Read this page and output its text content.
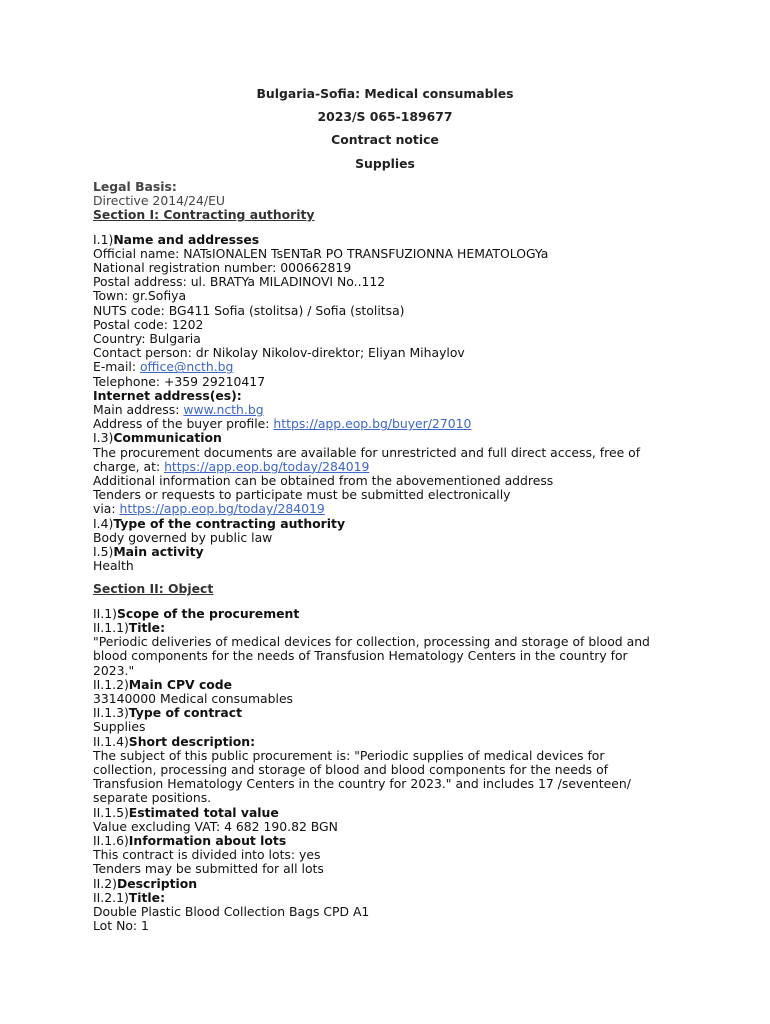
Bulgaria-Sofia: Medical consumables
2023/S 065-189677
Contract notice
Supplies
Legal Basis:
Directive 2014/24/EU
Section I: Contracting authority
I.1)Name and addresses
Official name: NATsIONALEN TsENTaR PO TRANSFUZIONNA HEMATOLOGYa
National registration number: 000662819
Postal address: ul. BRATYa MILADINOVI No..112
Town: gr.Sofiya
NUTS code: BG411 Sofia (stolitsa) / Sofia (stolitsa)
Postal code: 1202
Country: Bulgaria
Contact person: dr Nikolay Nikolov-direktor; Eliyan Mihaylov
E-mail: office@ncth.bg
Telephone: +359 29210417
Internet address(es):
Main address: www.ncth.bg
Address of the buyer profile: https://app.eop.bg/buyer/27010
I.3)Communication
The procurement documents are available for unrestricted and full direct access, free of
charge, at: https://app.eop.bg/today/284019
Additional information can be obtained from the abovementioned address
Tenders or requests to participate must be submitted electronically
via: https://app.eop.bg/today/284019
I.4)Type of the contracting authority
Body governed by public law
I.5)Main activity
Health
Section II: Object
II.1)Scope of the procurement
II.1.1)Title:
"Periodic deliveries of medical devices for collection, processing and storage of blood and
blood components for the needs of Transfusion Hematology Centers in the country for
2023."
II.1.2)Main CPV code
33140000 Medical consumables
II.1.3)Type of contract
Supplies
II.1.4)Short description:
The subject of this public procurement is: "Periodic supplies of medical devices for
collection, processing and storage of blood and blood components for the needs of
Transfusion Hematology Centers in the country for 2023." and includes 17 /seventeen/
separate positions.
II.1.5)Estimated total value
Value excluding VAT: 4 682 190.82 BGN
II.1.6)Information about lots
This contract is divided into lots: yes
Tenders may be submitted for all lots
II.2)Description
II.2.1)Title:
Double Plastic Blood Collection Bags CPD A1
Lot No: 1
